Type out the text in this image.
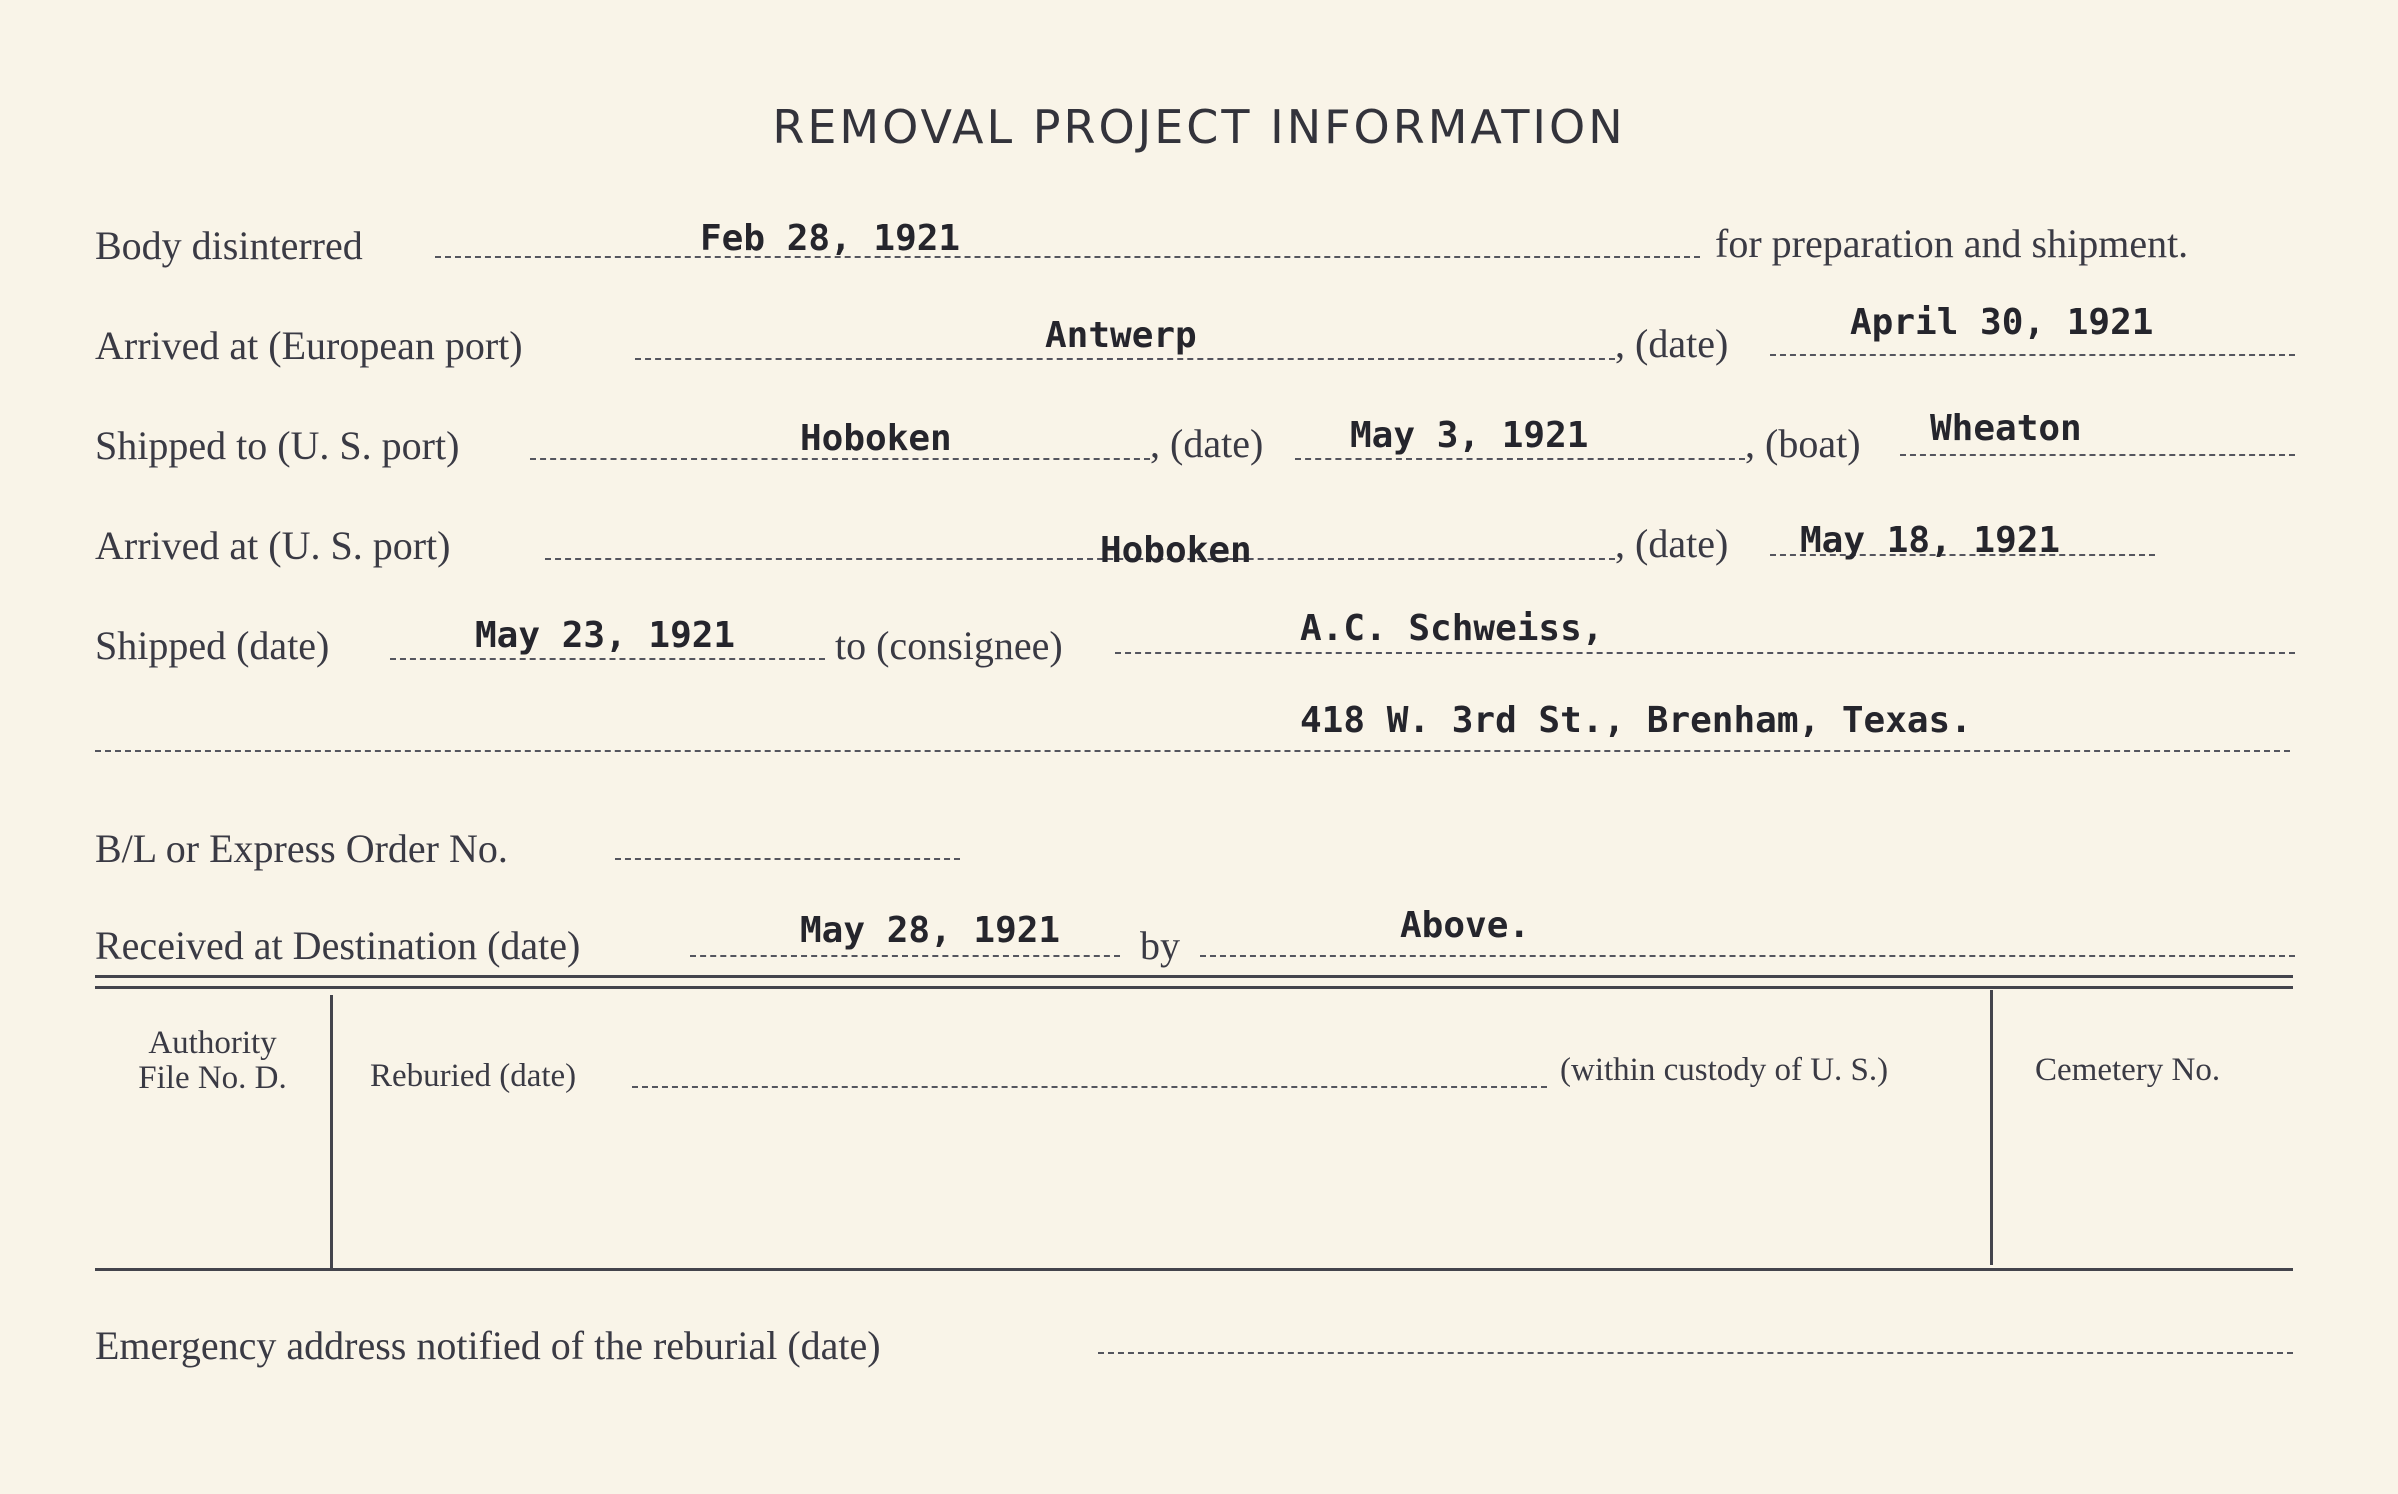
REMOVAL PROJECT INFORMATION
Body disinterred	Feb 28, 1921	for preparation and shipment.
Arrived at (European port)	Antwerp	, (date)	April 30, 1921
Shipped to (U. S. port)	Hoboken	, (date) May 3, 1921	, (boat) Wheaton
Arrived at (U. S. port)	Hoboken	, (date) May 18, 1921
Shipped (date)	May 23, 1921 to (consignee)	A.C. Schweiss,
418 W. 3rd St., Brenham, Texas.
B/L or Express Order No.
Received at Destination (date)	May 28, 1921 by	Above.
Authority
File No. D.	Reburied (date)	(within custody of U. S.)	Cemetery No.
Emergency address notified of the reburial (date)
